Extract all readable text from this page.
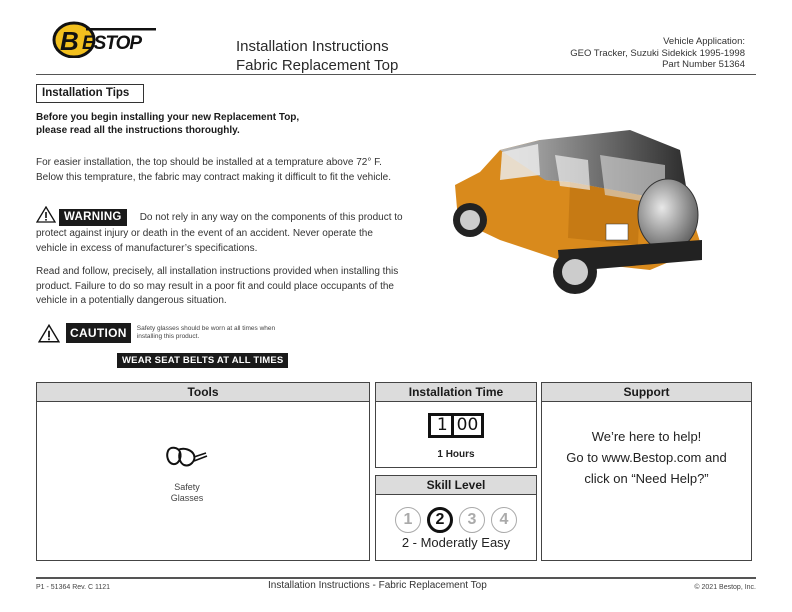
B ESTOP	Installation Instructions
Fabric Replacement Top
Vehicle Application:
GEO Tracker, Suzuki Sidekick 1995-1998
Part Number 51364
Installation Tips
Before you begin installing your new Replacement Top,
please read all the instructions thoroughly.
For easier installation, the top should be installed at a temprature above 72° F. Below this temprature, the fabric may contract making it difficult to fit the vehicle.
WARNING Do not rely in any way on the components of this product to protect against injury or death in the event of an accident. Never operate the vehicle in excess of manufacturer’s specifications.
Read and follow, precisely, all installation instructions provided when installing this product. Failure to do so may result in a poor fit and could place occupants of the vehicle in a potentially dangerous situation.
CAUTION	Safety glasses should be worn at all times when installing this product.
WEAR SEAT BELTS AT ALL TIMES
Tools
Safety
Glasses
Installation Time
1 00
1 Hours
Skill Level
1	2	3	4
2 - Moderatly Easy
Support
We’re here to help!
Go to www.Bestop.com and
click on “Need Help?”
P1 - 51364 Rev. C 1121	Installation Instructions - Fabric Replacement Top	© 2021 Bestop, Inc.
